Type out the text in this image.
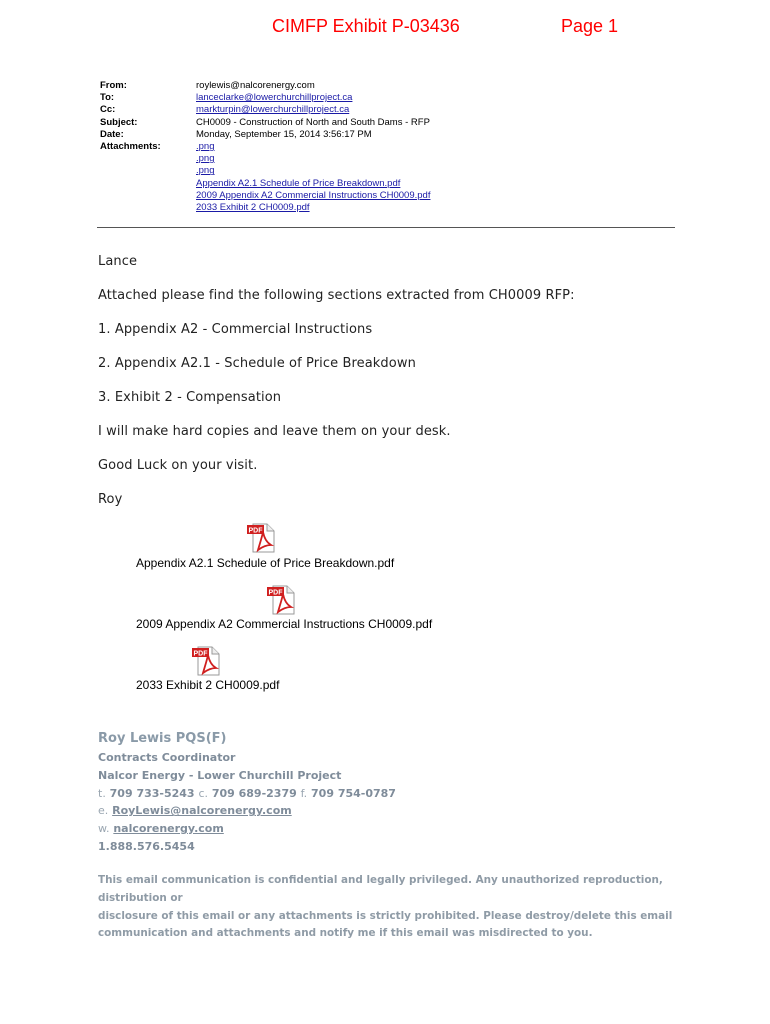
CIMFP Exhibit P-03436	Page 1
From:	roylewis@nalcorenergy.com
To:	lanceclarke@lowerchurchillproject.ca
Cc:	markturpin@lowerchurchillproject.ca
Subject:	CH0009 - Construction of North and South Dams - RFP
Date:	Monday, September 15, 2014 3:56:17 PM
Attachments:	.png
.png
.png
Appendix A2.1 Schedule of Price Breakdown.pdf
2009 Appendix A2 Commercial Instructions CH0009.pdf
2033 Exhibit 2 CH0009.pdf

Lance

Attached please find the following sections extracted from CH0009 RFP:

1. Appendix A2 - Commercial Instructions

2. Appendix A2.1 - Schedule of Price Breakdown

3. Exhibit 2 - Compensation

I will make hard copies and leave them on your desk.

Good Luck on your visit.

Roy

PDF
Appendix A2.1 Schedule of Price Breakdown.pdf
PDF
2009 Appendix A2 Commercial Instructions CH0009.pdf
PDF
2033 Exhibit 2 CH0009.pdf
Roy Lewis PQS(F)
Contracts Coordinator
Nalcor Energy - Lower Churchill Project
t. 709 733-5243 c. 709 689-2379 f. 709 754-0787
e. RoyLewis@nalcorenergy.com
w. nalcorenergy.com
1.888.576.5454
This email communication is confidential and legally privileged. Any unauthorized reproduction, distribution or
disclosure of this email or any attachments is strictly prohibited. Please destroy/delete this email
communication and attachments and notify me if this email was misdirected to you.
